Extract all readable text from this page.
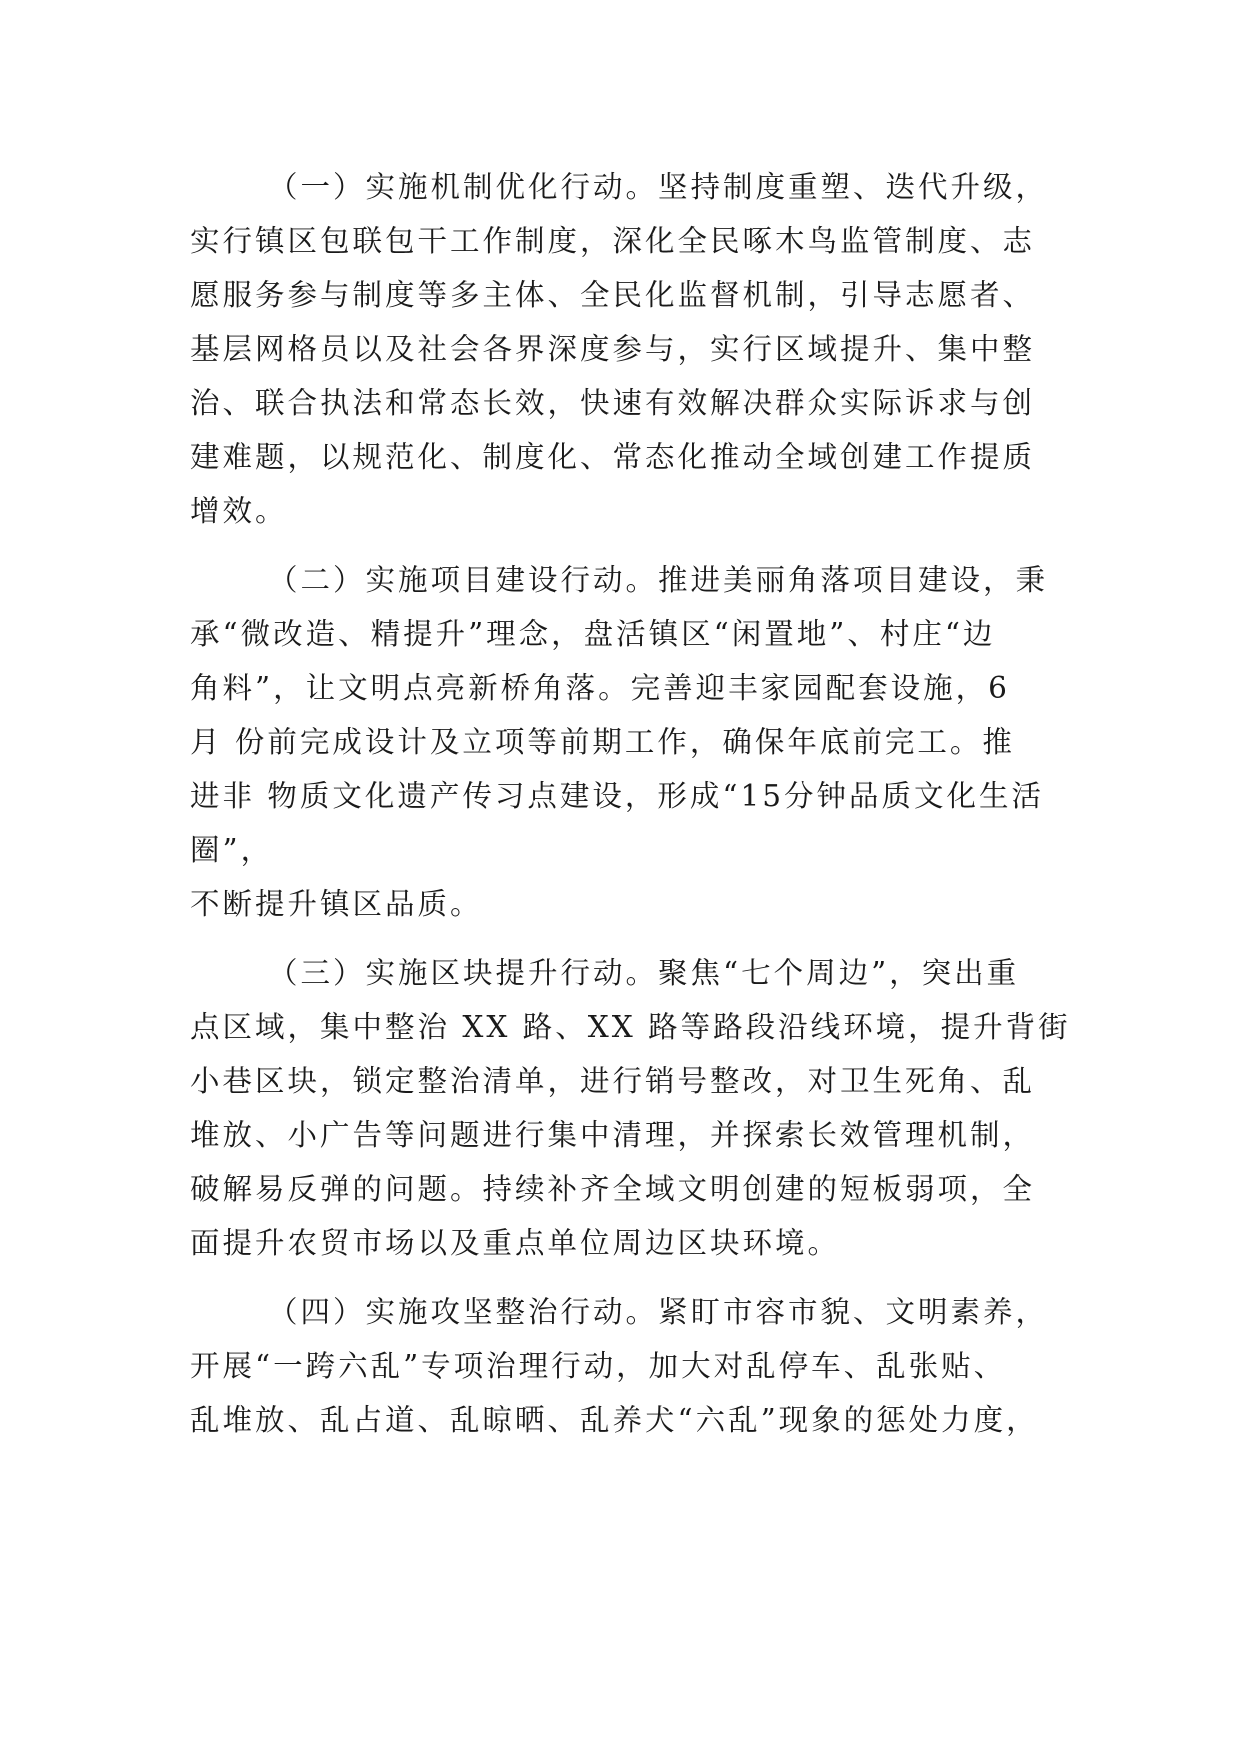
（一）实施机制优化行动。坚持制度重塑、迭代升级，
实行镇区包联包干工作制度，深化全民啄木鸟监管制度、志
愿服务参与制度等多主体、全民化监督机制，引导志愿者、
基层网格员以及社会各界深度参与，实行区域提升、集中整
治、联合执法和常态长效，快速有效解决群众实际诉求与创
建难题，以规范化、制度化、常态化推动全域创建工作提质
增效。
（二）实施项目建设行动。推进美丽角落项目建设，秉
承“微改造、精提升”理念，盘活镇区“闲置地”、村庄“边
角料”，让文明点亮新桥角落。完善迎丰家园配套设施，6
月 份前完成设计及立项等前期工作，确保年底前完工。推
进非 物质文化遗产传习点建设，形成“15分钟品质文化生活
圈”，
不断提升镇区品质。
（三）实施区块提升行动。聚焦“七个周边”，突出重
点区域，集中整治 XX 路、XX 路等路段沿线环境，提升背街
小巷区块，锁定整治清单，进行销号整改，对卫生死角、乱
堆放、小广告等问题进行集中清理，并探索长效管理机制，
破解易反弹的问题。持续补齐全域文明创建的短板弱项，全
面提升农贸市场以及重点单位周边区块环境。
（四）实施攻坚整治行动。紧盯市容市貌、文明素养，
开展“一跨六乱”专项治理行动，加大对乱停车、乱张贴、
乱堆放、乱占道、乱晾晒、乱养犬“六乱”现象的惩处力度，
